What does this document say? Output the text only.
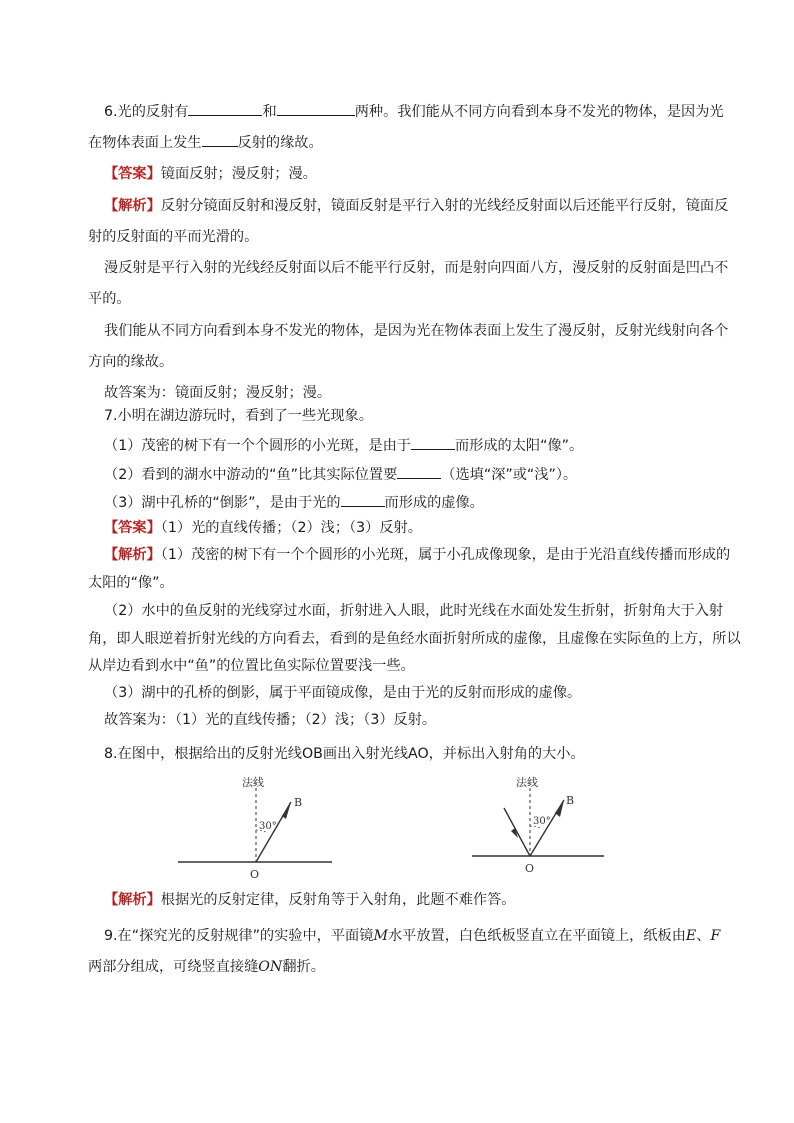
6.光的反射有	和	两种。我们能从不同方向看到本身不发光的物体，是因为光
在物体表面上发生	反射的缘故。
【答案】镜面反射；漫反射；漫。
【解析】反射分镜面反射和漫反射，镜面反射是平行入射的光线经反射面以后还能平行反射，镜面反
射的反射面的平而光滑的。
漫反射是平行入射的光线经反射面以后不能平行反射，而是射向四面八方，漫反射的反射面是凹凸不
平的。
我们能从不同方向看到本身不发光的物体，是因为光在物体表面上发生了漫反射，反射光线射向各个
方向的缘故。
故答案为：镜面反射；漫反射；漫。
7.小明在湖边游玩时，看到了一些光现象。
（1）茂密的树下有一个个圆形的小光斑，是由于	而形成的太阳“像”。
（2）看到的湖水中游动的“鱼”比其实际位置要	（选填“深”或“浅”）。
（3）湖中孔桥的“倒影”，是由于光的	而形成的虚像。
【答案】（1）光的直线传播；（2）浅；（3）反射。
【解析】（1）茂密的树下有一个个圆形的小光斑，属于小孔成像现象，是由于光沿直线传播而形成的
太阳的“像”。
（2）水中的鱼反射的光线穿过水面，折射进入人眼，此时光线在水面处发生折射，折射角大于入射
角，即人眼逆着折射光线的方向看去，看到的是鱼经水面折射所成的虚像，且虚像在实际鱼的上方，所以
从岸边看到水中“鱼”的位置比鱼实际位置要浅一些。
（3）湖中的孔桥的倒影，属于平面镜成像，是由于光的反射而形成的虚像。
故答案为：（1）光的直线传播；（2）浅；（3）反射。
8.在图中，根据给出的反射光线OB画出入射光线AO，并标出入射角的大小。
法线
30°
B
O
法线
30°
B
O
【解析】根据光的反射定律，反射角等于入射角，此题不难作答。
9.在“探究光的反射规律”的实验中，平面镜M水平放置，白色纸板竖直立在平面镜上，纸板由E、F
两部分组成，可绕竖直接缝ON翻折。
